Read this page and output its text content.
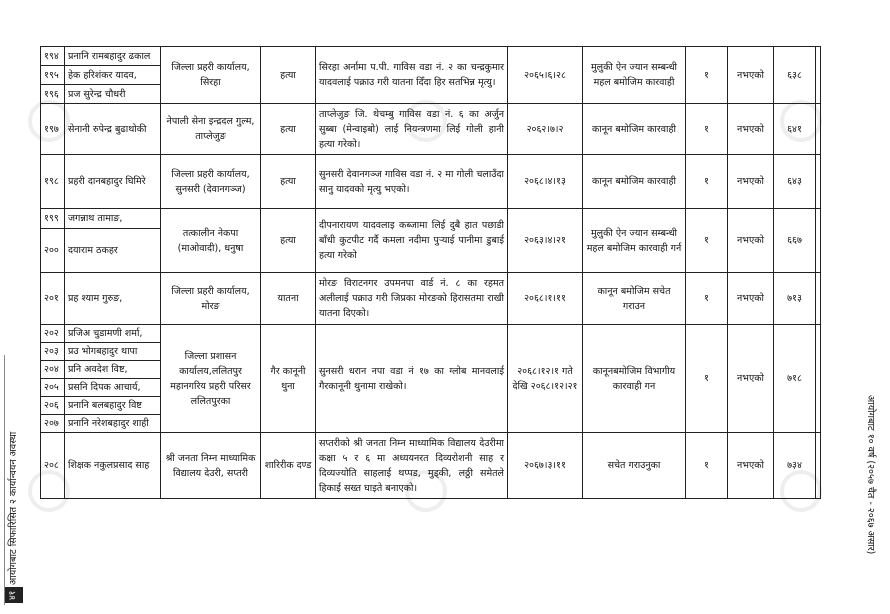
१९४	प्रनानि रामबहादुर ढकाल	जिल्ला प्रहरी कार्यालय, सिरहा	हत्या	सिरहा अर्नामा प.पी. गाविस वडा नं. २ का चन्द्रकुमार यादवलाई पक्राउ गरी यातना दिँदा हिर सतभिन्न मृत्यु।	२०६५।६।२८	मुलुकी ऐन ज्यान सम्बन्धी महल बमोजिम कारवाही	१	नभएको	६३८	
१९५	हेक हरिशंकर यादव,									
१९६	प्रज सुरेन्द्र चौधरी									
१९७	सेनानी रुपेन्द्र बुढाथोकी	नेपाली सेना इन्द्रदल गुल्म, ताप्लेजुङ	हत्या	ताप्लेजुङ जि. थेचम्बु गाविस वडा नं. ६ का अर्जुन सुब्बा (मेन्वाइबो) लाई नियन्त्रणमा लिई गोली हानी हत्या गरेको।	२०६२।७।२	कानून बमोजिम कारवाही	१	नभएको	६४१	
१९८	प्रहरी दानबहादुर घिमिरे	जिल्ला प्रहरी कार्यालय, सुनसरी (देवानगञ्ज)	हत्या	सुनसरी देवानगञ्ज गाविस वडा नं. २ मा गोली चलाउँदा सानु यादवको मृत्यु भएको।	२०६८।४।१३	कानून बमोजिम कारवाही	१	नभएको	६४३	
१९९	जगन्नाथ तामाङ,	तत्कालीन नेकपा (माओवादी), धनुषा	हत्या	दीपनारायण यादवलाइ कब्जामा लिई दुबै हात पछाडी बाँधी कुटपीट गर्दै कमला नदीमा पुऱ्याई पानीमा डुबाई हत्या गरेको	२०६३।४।२१	मुलुकी ऐन ज्यान सम्बन्धी महल बमोजिम कारवाही गर्न	१	नभएको	६६७	
२००	दयाराम ठकहर									
२०१	प्रह श्याम गुरुङ,	जिल्ला प्रहरी कार्यालय, मोरङ	यातना	मोरङ विराटनगर उपमनपा वार्ड नं. ८ का रहमत अलीलाई पक्राउ गरी जिप्रका मोरङको हिरासतमा राखी यातना दिएको।	२०६८।१।११	कानून बमोजिम सचेत गराउन	१	नभएको	७१३	
२०२	प्रजिअ चुडामणी शर्मा,	जिल्ला प्रशासन कार्यालय,ललितपुर महानगरिय प्रहरी परिसर ललितपुरका	गैर कानूनी थुना	सुनसरी धरान नपा वडा नं १७ का ग्लोब मानवलाई गैरकानूनी थुनामा राखेको।	२०६८।१२।१ गते देखि २०६८।१२।२१	कानूनबमोजिम विभागीय कारवाही गन	१	नभएको	७१८	
२०३	प्रउ भोगबहादुर थापा									
२०४	प्रनि अवदेश विष्ट,									
२०५	प्रसनि दिपक आचार्य,									
२०६	प्रनानि बलबहादुर विष्ट									
२०७	प्रनानि नरेशबहादुर शाही									
२०८	शिक्षक नकुलप्रसाद साह	श्री जनता निम्न माध्यामिक विद्यालय देउरी, सप्तरी	शारिरीक दण्ड	सप्तरीको श्री जनता निम्न माध्यामिक विद्यालय देउरीमा कक्षा ५ र ६ मा अध्ययनरत दिव्यरोशनी साह र दिव्यज्योति साहलाई थप्पड, मुड्की, लठ्ठी समेतले हिकाई सख्त घाइते बनाएको।	२०६७।३।११	सचेत गराउनुका	१	नभएको	७३४	
आयोगबाट सिफारिसित २ कार्यान्वयन अवस्था
४१
आयोगबाट १० वर्ष (२०५७ चैत - २०६७ असार)
